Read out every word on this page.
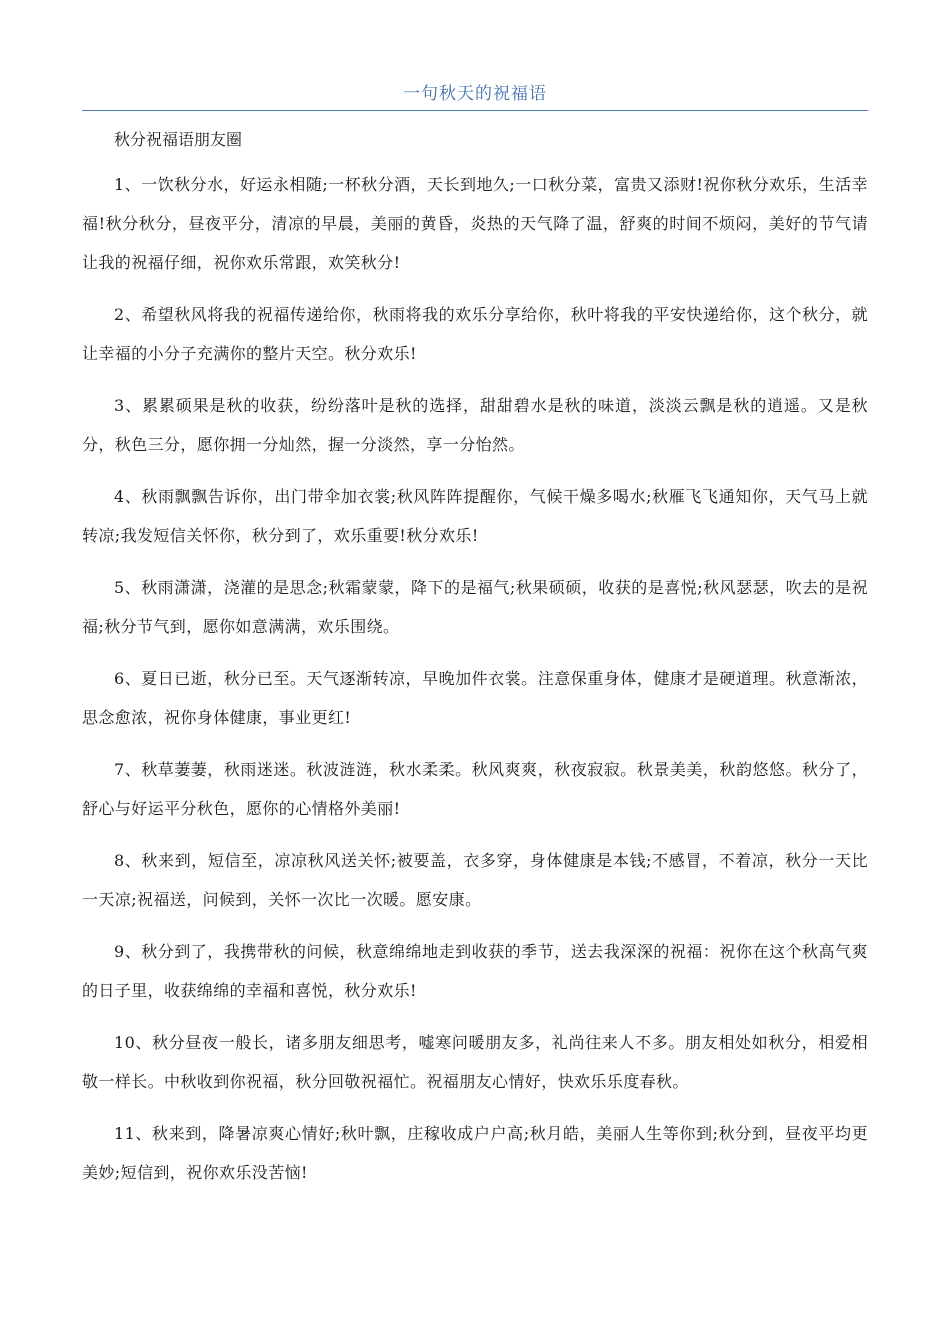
一句秋天的祝福语

秋分祝福语朋友圈

1、一饮秋分水，好运永相随;一杯秋分酒，天长到地久;一口秋分菜，富贵又添财!祝你秋分欢乐，生活幸福!秋分秋分，昼夜平分，清凉的早晨，美丽的黄昏，炎热的天气降了温，舒爽的时间不烦闷，美好的节气请让我的祝福仔细，祝你欢乐常跟，欢笑秋分!

2、希望秋风将我的祝福传递给你，秋雨将我的欢乐分享给你，秋叶将我的平安快递给你，这个秋分，就让幸福的小分子充满你的整片天空。秋分欢乐!

3、累累硕果是秋的收获，纷纷落叶是秋的选择，甜甜碧水是秋的味道，淡淡云飘是秋的逍遥。又是秋分，秋色三分，愿你拥一分灿然，握一分淡然，享一分怡然。

4、秋雨飘飘告诉你，出门带伞加衣裳;秋风阵阵提醒你，气候干燥多喝水;秋雁飞飞通知你，天气马上就转凉;我发短信关怀你，秋分到了，欢乐重要!秋分欢乐!

5、秋雨潇潇，浇灌的是思念;秋霜蒙蒙，降下的是福气;秋果硕硕，收获的是喜悦;秋风瑟瑟，吹去的是祝福;秋分节气到，愿你如意满满，欢乐围绕。

6、夏日已逝，秋分已至。天气逐渐转凉，早晚加件衣裳。注意保重身体，健康才是硬道理。秋意渐浓，思念愈浓，祝你身体健康，事业更红!

7、秋草萋萋，秋雨迷迷。秋波涟涟，秋水柔柔。秋风爽爽，秋夜寂寂。秋景美美，秋韵悠悠。秋分了，舒心与好运平分秋色，愿你的心情格外美丽!

8、秋来到，短信至，凉凉秋风送关怀;被要盖，衣多穿，身体健康是本钱;不感冒，不着凉，秋分一天比一天凉;祝福送，问候到，关怀一次比一次暖。愿安康。

9、秋分到了，我携带秋的问候，秋意绵绵地走到收获的季节，送去我深深的祝福：祝你在这个秋高气爽的日子里，收获绵绵的幸福和喜悦，秋分欢乐!

10、秋分昼夜一般长，诸多朋友细思考，嘘寒问暖朋友多，礼尚往来人不多。朋友相处如秋分，相爱相敬一样长。中秋收到你祝福，秋分回敬祝福忙。祝福朋友心情好，快欢乐乐度春秋。

11、秋来到，降暑凉爽心情好;秋叶飘，庄稼收成户户高;秋月皓，美丽人生等你到;秋分到，昼夜平均更美妙;短信到，祝你欢乐没苦恼!
